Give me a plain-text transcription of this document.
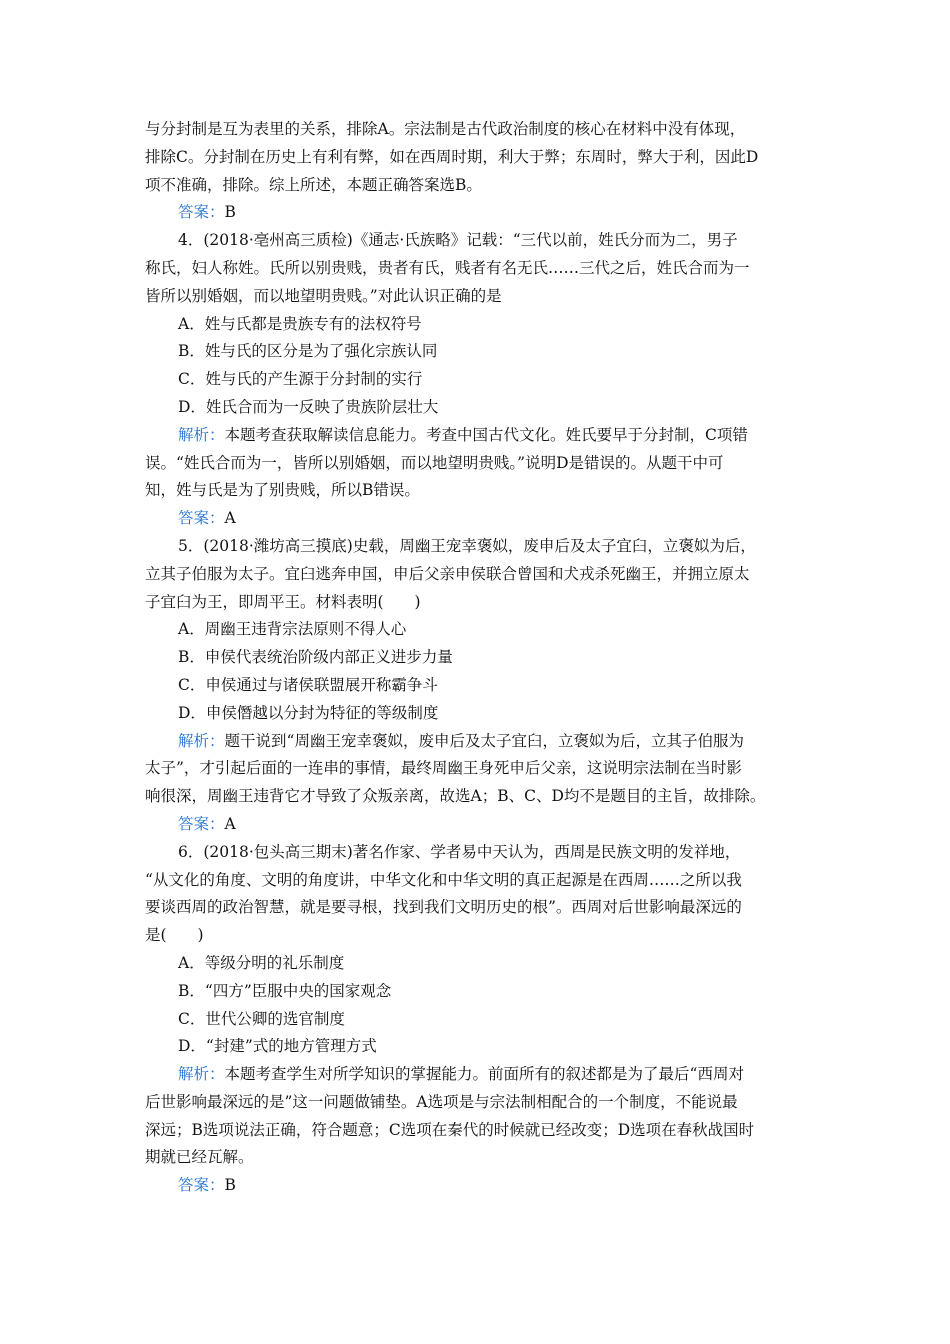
与分封制是互为表里的关系，排除A。宗法制是古代政治制度的核心在材料中没有体现，

排除C。分封制在历史上有利有弊，如在西周时期，利大于弊；东周时，弊大于利，因此D

项不准确，排除。综上所述，本题正确答案选B。

答案：B

4．(2018·亳州高三质检)《通志·氏族略》记载：“三代以前，姓氏分而为二，男子

称氏，妇人称姓。氏所以别贵贱，贵者有氏，贱者有名无氏……三代之后，姓氏合而为一

皆所以别婚姻，而以地望明贵贱。”对此认识正确的是

A．姓与氏都是贵族专有的法权符号

B．姓与氏的区分是为了强化宗族认同

C．姓与氏的产生源于分封制的实行

D．姓氏合而为一反映了贵族阶层壮大

解析：本题考查获取解读信息能力。考查中国古代文化。姓氏要早于分封制，C项错

误。“姓氏合而为一，皆所以别婚姻，而以地望明贵贱。”说明D是错误的。从题干中可

知，姓与氏是为了别贵贱，所以B错误。

答案：A

5．(2018·潍坊高三摸底)史载，周幽王宠幸褒姒，废申后及太子宜臼，立褒姒为后，

立其子伯服为太子。宜臼逃奔申国，申后父亲申侯联合曾国和犬戎杀死幽王，并拥立原太

子宜臼为王，即周平王。材料表明(　　)

A．周幽王违背宗法原则不得人心

B．申侯代表统治阶级内部正义进步力量

C．申侯通过与诸侯联盟展开称霸争斗

D．申侯僭越以分封为特征的等级制度

解析：题干说到“周幽王宠幸褒姒，废申后及太子宜臼，立褒姒为后，立其子伯服为

太子”，才引起后面的一连串的事情，最终周幽王身死申后父亲，这说明宗法制在当时影

响很深，周幽王违背它才导致了众叛亲离，故选A；B、C、D均不是题目的主旨，故排除。

答案：A

6．(2018·包头高三期末)著名作家、学者易中天认为，西周是民族文明的发祥地，

“从文化的角度、文明的角度讲，中华文化和中华文明的真正起源是在西周……之所以我

要谈西周的政治智慧，就是要寻根，找到我们文明历史的根”。西周对后世影响最深远的

是(　　)

A．等级分明的礼乐制度

B．“四方”臣服中央的国家观念

C．世代公卿的选官制度

D．“封建”式的地方管理方式

解析：本题考查学生对所学知识的掌握能力。前面所有的叙述都是为了最后“西周对

后世影响最深远的是”这一问题做铺垫。A选项是与宗法制相配合的一个制度，不能说最

深远；B选项说法正确，符合题意；C选项在秦代的时候就已经改变；D选项在春秋战国时

期就已经瓦解。

答案：B
